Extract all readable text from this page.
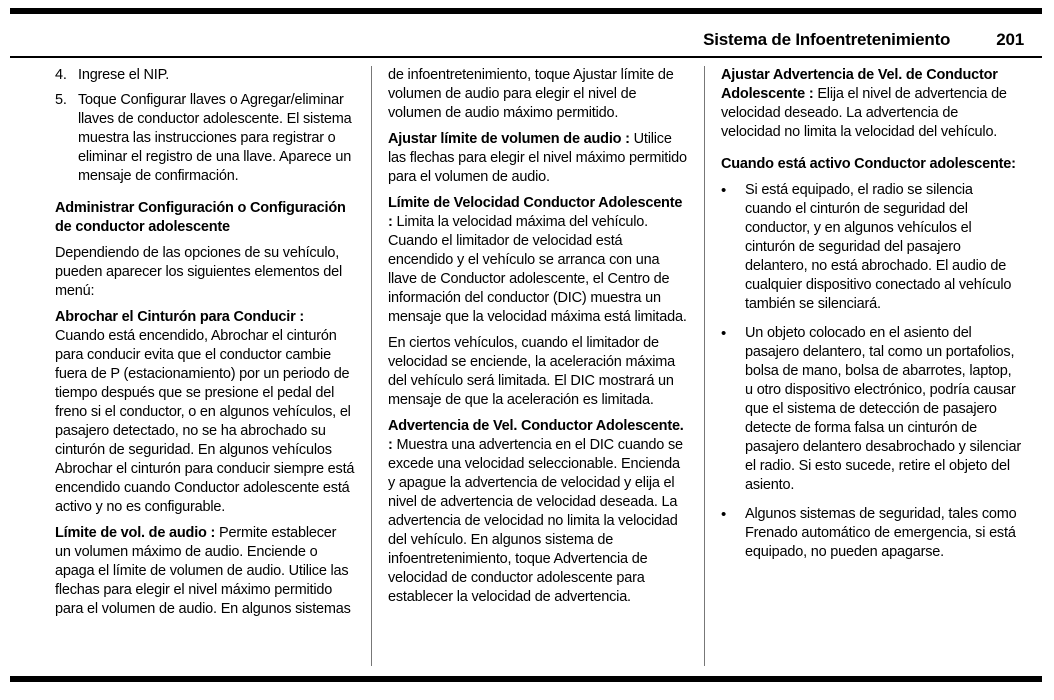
Sistema de Infoentretenimiento	201
4. Ingrese el NIP.
5. Toque Configurar llaves o Agregar/eliminar llaves de conductor adolescente. El sistema muestra las instrucciones para registrar o eliminar el registro de una llave. Aparece un mensaje de confirmación.
Administrar Configuración o Configuración de conductor adolescente

Dependiendo de las opciones de su vehículo, pueden aparecer los siguientes elementos del menú:

Abrochar el Cinturón para Conducir : Cuando está encendido, Abrochar el cinturón para conducir evita que el conductor cambie fuera de P (estacionamiento) por un periodo de tiempo después que se presione el pedal del freno si el conductor, o en algunos vehículos, el pasajero detectado, no se ha abrochado su cinturón de seguridad. En algunos vehículos Abrochar el cinturón para conducir siempre está encendido cuando Conductor adolescente está activo y no es configurable.

Límite de vol. de audio : Permite establecer un volumen máximo de audio. Enciende o apaga el límite de volumen de audio. Utilice las flechas para elegir el nivel máximo permitido para el volumen de audio. En algunos sistemas

de infoentretenimiento, toque Ajustar límite de volumen de audio para elegir el nivel de volumen de audio máximo permitido.

Ajustar límite de volumen de audio : Utilice las flechas para elegir el nivel máximo permitido para el volumen de audio.

Límite de Velocidad Conductor Adolescente : Limita la velocidad máxima del vehículo. Cuando el limitador de velocidad está encendido y el vehículo se arranca con una llave de Conductor adolescente, el Centro de información del conductor (DIC) muestra un mensaje que la velocidad máxima está limitada.

En ciertos vehículos, cuando el limitador de velocidad se enciende, la aceleración máxima del vehículo será limitada. El DIC mostrará un mensaje de que la aceleración es limitada.

Advertencia de Vel. Conductor Adolescente. : Muestra una advertencia en el DIC cuando se excede una velocidad seleccionable. Encienda y apague la advertencia de velocidad y elija el nivel de advertencia de velocidad deseada. La advertencia de velocidad no limita la velocidad del vehículo. En algunos sistema de infoentretenimiento, toque Advertencia de velocidad de conductor adolescente para establecer la velocidad de advertencia.

Ajustar Advertencia de Vel. de Conductor Adolescente : Elija el nivel de advertencia de velocidad deseado. La advertencia de velocidad no limita la velocidad del vehículo.

Cuando está activo Conductor adolescente:
•	Si está equipado, el radio se silencia cuando el cinturón de seguridad del conductor, y en algunos vehículos el cinturón de seguridad del pasajero delantero, no está abrochado. El audio de cualquier dispositivo conectado al vehículo también se silenciará.
•	Un objeto colocado en el asiento del pasajero delantero, tal como un portafolios, bolsa de mano, bolsa de abarrotes, laptop, u otro dispositivo electrónico, podría causar que el sistema de detección de pasajero detecte de forma falsa un cinturón de pasajero delantero desabrochado y silenciar el radio. Si esto sucede, retire el objeto del asiento.
•	Algunos sistemas de seguridad, tales como Frenado automático de emergencia, si está equipado, no pueden apagarse.
